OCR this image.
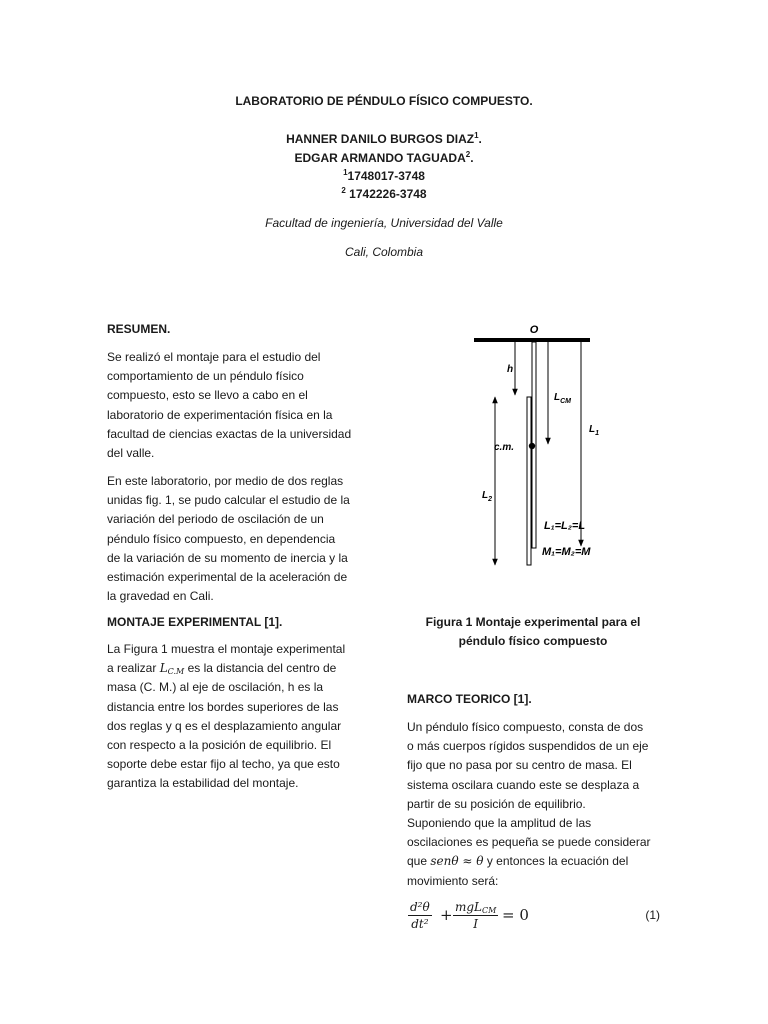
LABORATORIO DE PÉNDULO FÍSICO COMPUESTO.
HANNER DANILO BURGOS DIAZ$^1$.
EDGAR ARMANDO TAGUADA$^2$.
$^1$1748017-3748
$^2$ 1742226-3748
Facultad de ingeniería, Universidad del Valle
Cali, Colombia
RESUMEN.
Se realizó el montaje para el estudio del
comportamiento de un péndulo físico
compuesto, esto se llevo a cabo en el
laboratorio de experimentación física en la
facultad de ciencias exactas de la universidad
del valle.
En este laboratorio, por medio de dos reglas
unidas fig. 1, se pudo calcular el estudio de la
variación del periodo de oscilación de un
péndulo físico compuesto, en dependencia
de la variación de su momento de inercia y la
estimación experimental de la aceleración de
la gravedad en Cali.
MONTAJE EXPERIMENTAL [1].
La Figura 1 muestra el montaje experimental
a realizar $L_{C.M}$ es la distancia del centro de
masa (C. M.) al eje de oscilación, h es la
distancia entre los bordes superiores de las
dos reglas y q es el desplazamiento angular
con respecto a la posición de equilibrio. El
soporte debe estar fijo al techo, ya que esto
garantiza la estabilidad del montaje.
O
c.m.
h
$L_2$
$L_{CM}$
$L_1$
L₁=L₂=L
M₁=M₂=M
Figura 1 Montaje experimental para el
péndulo físico compuesto
MARCO TEORICO [1].
Un péndulo físico compuesto, consta de dos
o más cuerpos rígidos suspendidos de un eje
fijo que no pasa por su centro de masa. El
sistema oscilara cuando este se desplaza a
partir de su posición de equilibrio.
Suponiendo que la amplitud de las
oscilaciones es pequeña se puede considerar
que senθ ≈ θ y entonces la ecuación del
movimiento será:
$\frac{\text{d²θ}}{\text{dt²}} + mgL_{CM}$
I	= 0	(1)
